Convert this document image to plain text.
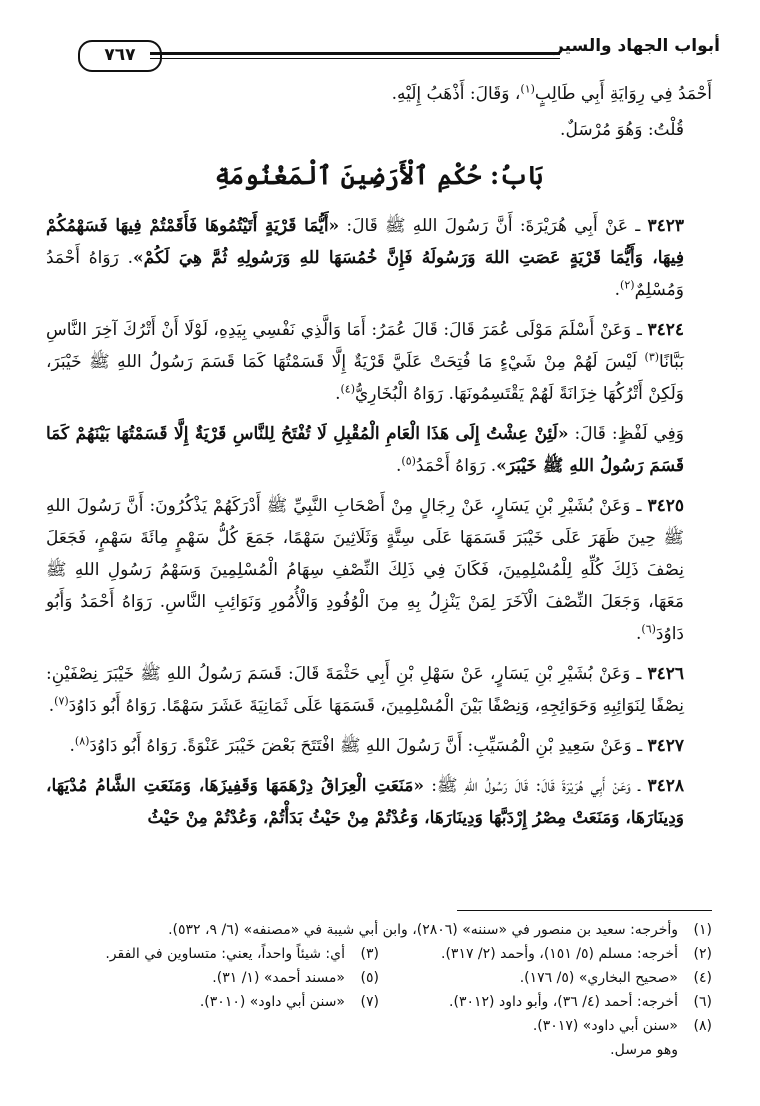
أبواب الجهاد والسير
٧٦٧

أَحْمَدُ فِي رِوَايَةِ أَبِي طَالِبٍ$^{(١)}$، وَقَالَ: أَذْهَبُ إِلَيْهِ.

قُلْتُ: وَهُوَ مُرْسَلٌ.

بَابُ: حُكْمِ ٱلْأَرَضِينَ ٱلْمَغْنُومَةِ

٣٤٢٣ ـ عَنْ أَبِي هُرَيْرَةَ: أَنَّ رَسُولَ اللهِ ﷺ قَالَ: «أَيُّمَا قَرْيَةٍ أَتَيْتُمُوهَا فَأَقَمْتُمْ فِيهَا فَسَهْمُكُمْ فِيهَا، وَأَيُّمَا قَرْيَةٍ عَصَتِ اللهَ وَرَسُولَهُ فَإِنَّ خُمُسَهَا للهِ وَرَسُولِهِ ثُمَّ هِيَ لَكُمْ». رَوَاهُ أَحْمَدُ وَمُسْلِمٌ$^{(٢)}$.

٣٤٢٤ ـ وَعَنْ أَسْلَمَ مَوْلَى عُمَرَ قَالَ: قَالَ عُمَرُ: أَمَا وَالَّذِي نَفْسِي بِيَدِهِ، لَوْلَا أَنْ أَتْرُكَ آخِرَ النَّاسِ بَبَّانًا$^{(٣)}$ لَيْسَ لَهُمْ مِنْ شَيْءٍ مَا فُتِحَتْ عَلَيَّ قَرْيَةٌ إِلَّا قَسَمْتُهَا كَمَا قَسَمَ رَسُولُ اللهِ ﷺ خَيْبَرَ، وَلَكِنْ أَتْرُكُهَا خِزَانَةً لَهُمْ يَقْتَسِمُونَهَا. رَوَاهُ الْبُخَارِيُّ$^{(٤)}$.

وَفِي لَفْظٍ: قَالَ: «لَئِنْ عِشْتُ إِلَى هَذَا الْعَامِ الْمُقْبِلِ لَا تُفْتَحُ لِلنَّاسِ قَرْيَةٌ إِلَّا قَسَمْتُهَا بَيْنَهُمْ كَمَا قَسَمَ رَسُولُ اللهِ ﷺ خَيْبَرَ». رَوَاهُ أَحْمَدُ$^{(٥)}$.

٣٤٢٥ ـ وَعَنْ بُشَيْرِ بْنِ يَسَارٍ، عَنْ رِجَالٍ مِنْ أَصْحَابِ النَّبِيِّ ﷺ أَدْرَكَهُمْ يَذْكُرُونَ: أَنَّ رَسُولَ اللهِ ﷺ حِينَ ظَهَرَ عَلَى خَيْبَرَ قَسَمَهَا عَلَى سِتَّةٍ وَثَلَاثِينَ سَهْمًا، جَمَعَ كُلُّ سَهْمٍ مِائَةَ سَهْمٍ، فَجَعَلَ نِصْفَ ذَلِكَ كُلِّهِ لِلْمُسْلِمِينَ، فَكَانَ فِي ذَلِكَ النِّصْفِ سِهَامُ الْمُسْلِمِينَ وَسَهْمُ رَسُولِ اللهِ ﷺ مَعَهَا، وَجَعَلَ النِّصْفَ الْآخَرَ لِمَنْ يَنْزِلُ بِهِ مِنَ الْوُفُودِ وَالْأُمُورِ وَنَوَائِبِ النَّاسِ. رَوَاهُ أَحْمَدُ وَأَبُو دَاوُدَ$^{(٦)}$.

٣٤٢٦ ـ وَعَنْ بُشَيْرِ بْنِ يَسَارٍ، عَنْ سَهْلِ بْنِ أَبِي حَثْمَةَ قَالَ: قَسَمَ رَسُولُ اللهِ ﷺ خَيْبَرَ نِصْفَيْنِ: نِصْفًا لِنَوَائِبِهِ وَحَوَائِجِهِ، وَنِصْفًا بَيْنَ الْمُسْلِمِينَ، قَسَمَهَا عَلَى ثَمَانِيَةَ عَشَرَ سَهْمًا. رَوَاهُ أَبُو دَاوُدَ$^{(٧)}$.

٣٤٢٧ ـ وَعَنْ سَعِيدِ بْنِ الْمُسَيِّبِ: أَنَّ رَسُولَ اللهِ ﷺ افْتَتَحَ بَعْضَ خَيْبَرَ عَنْوَةً. رَوَاهُ أَبُو دَاوُدَ$^{(٨)}$.

٣٤٢٨ ـ وَعَنْ أَبِي هُرَيْرَةَ قَالَ: قَالَ رَسُولُ اللهِ ﷺ: «مَنَعَتِ الْعِرَاقُ دِرْهَمَهَا وَقَفِيزَهَا، وَمَنَعَتِ الشَّامُ مُدْيَهَا، وَدِينَارَهَا، وَمَنَعَتْ مِصْرُ إِرْدَبَّهَا وَدِينَارَهَا، وَعُدْتُمْ مِنْ حَيْثُ بَدَأْتُمْ، وَعُدْتُمْ مِنْ حَيْثُ

(١)
وأخرجه: سعيد بن منصور في «سننه» (٢٨٠٦)، وابن أبي شيبة في «مصنفه» (٦/ ٩، ٥٣٢).
(٢)
أخرجه: مسلم (٥/ ١٥١)، وأحمد (٢/ ٣١٧).
(٣)
أي: شيئاً واحداً، يعني: متساوين في الفقر.
(٤)
«صحيح البخاري» (٥/ ١٧٦).
(٥)
«مسند أحمد» (١/ ٣١).
(٦)
أخرجه: أحمد (٤/ ٣٦)، وأبو داود (٣٠١٢).
(٧)
«سنن أبي داود» (٣٠١٠).
(٨)
«سنن أبي داود» (٣٠١٧).
وهو مرسل.
